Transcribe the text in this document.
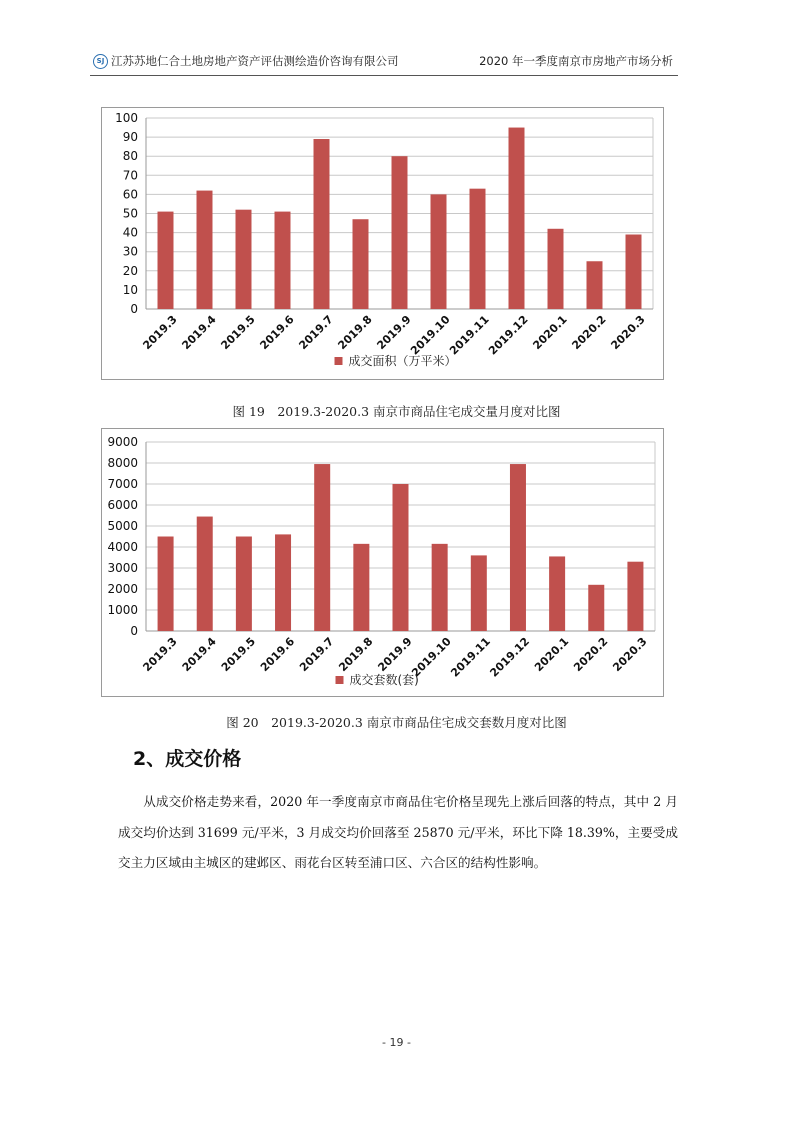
SJ 江苏苏地仁合土地房地产资产评估测绘造价咨询有限公司	2020 年一季度南京市房地产市场分析
0
10
20
30
40
50
60
70
80
90
100
2019.3 2019.4 2019.5 2019.6 2019.7 2019.8 2019.9
2019.10
2019.11
2019.12 2020.1 2020.2 2020.3
成交面积（万平米）
图 19　2019.3-2020.3 南京市商品住宅成交量月度对比图
0
1000
2000
3000
4000
5000
6000
7000
8000
9000
2019.3 2019.4 2019.5 2019.6 2019.7 2019.8 2019.9
2019.10
2019.11
2019.12 2020.1 2020.2 2020.3
成交套数(套)
图 20　2019.3-2020.3 南京市商品住宅成交套数月度对比图
2、成交价格

从成交价格走势来看，2020 年一季度南京市商品住宅价格呈现先上涨后回落的特点，其中 2 月成交均价达到 31699 元/平米，3 月成交均价回落至 25870 元/平米，环比下降 18.39%，主要受成交主力区域由主城区的建邺区、雨花台区转至浦口区、六合区的结构性影响。

- 19 -
